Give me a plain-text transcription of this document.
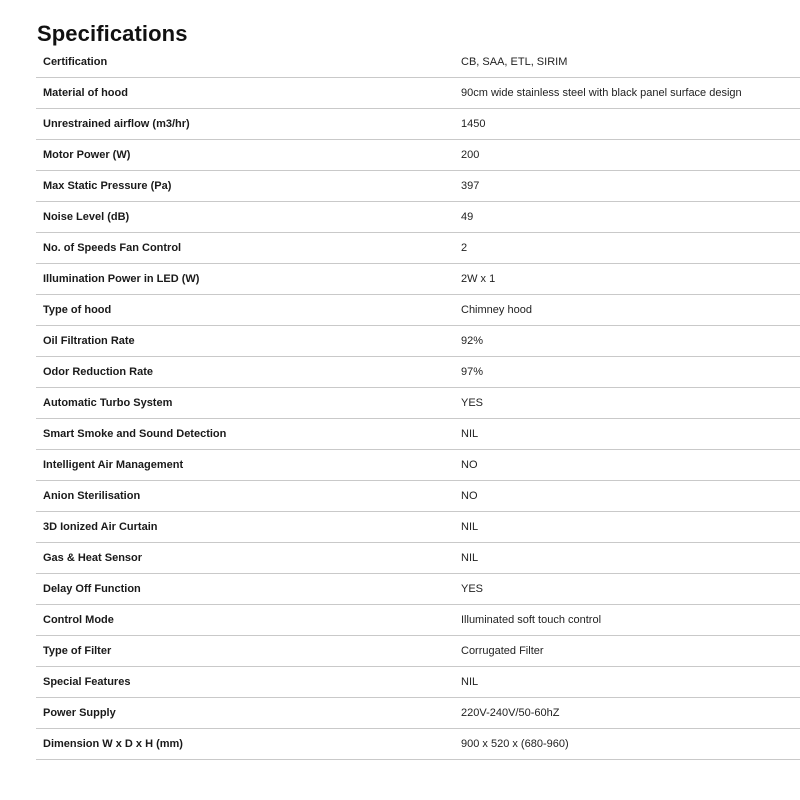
Specifications
Certification	CB, SAA, ETL, SIRIM
Material of hood	90cm wide stainless steel with black panel surface design
Unrestrained airflow (m3/hr)	1450
Motor Power (W)	200
Max Static Pressure (Pa)	397
Noise Level (dB)	49
No. of Speeds Fan Control	2
Illumination Power in LED (W)	2W x 1
Type of hood	Chimney hood
Oil Filtration Rate	92%
Odor Reduction Rate	97%
Automatic Turbo System	YES
Smart Smoke and Sound Detection	NIL
Intelligent Air Management	NO
Anion Sterilisation	NO
3D Ionized Air Curtain	NIL
Gas & Heat Sensor	NIL
Delay Off Function	YES
Control Mode	Illuminated soft touch control
Type of Filter	Corrugated Filter
Special Features	NIL
Power Supply	220V-240V/50-60hZ
Dimension W x D x H (mm)	900 x 520 x (680-960)
